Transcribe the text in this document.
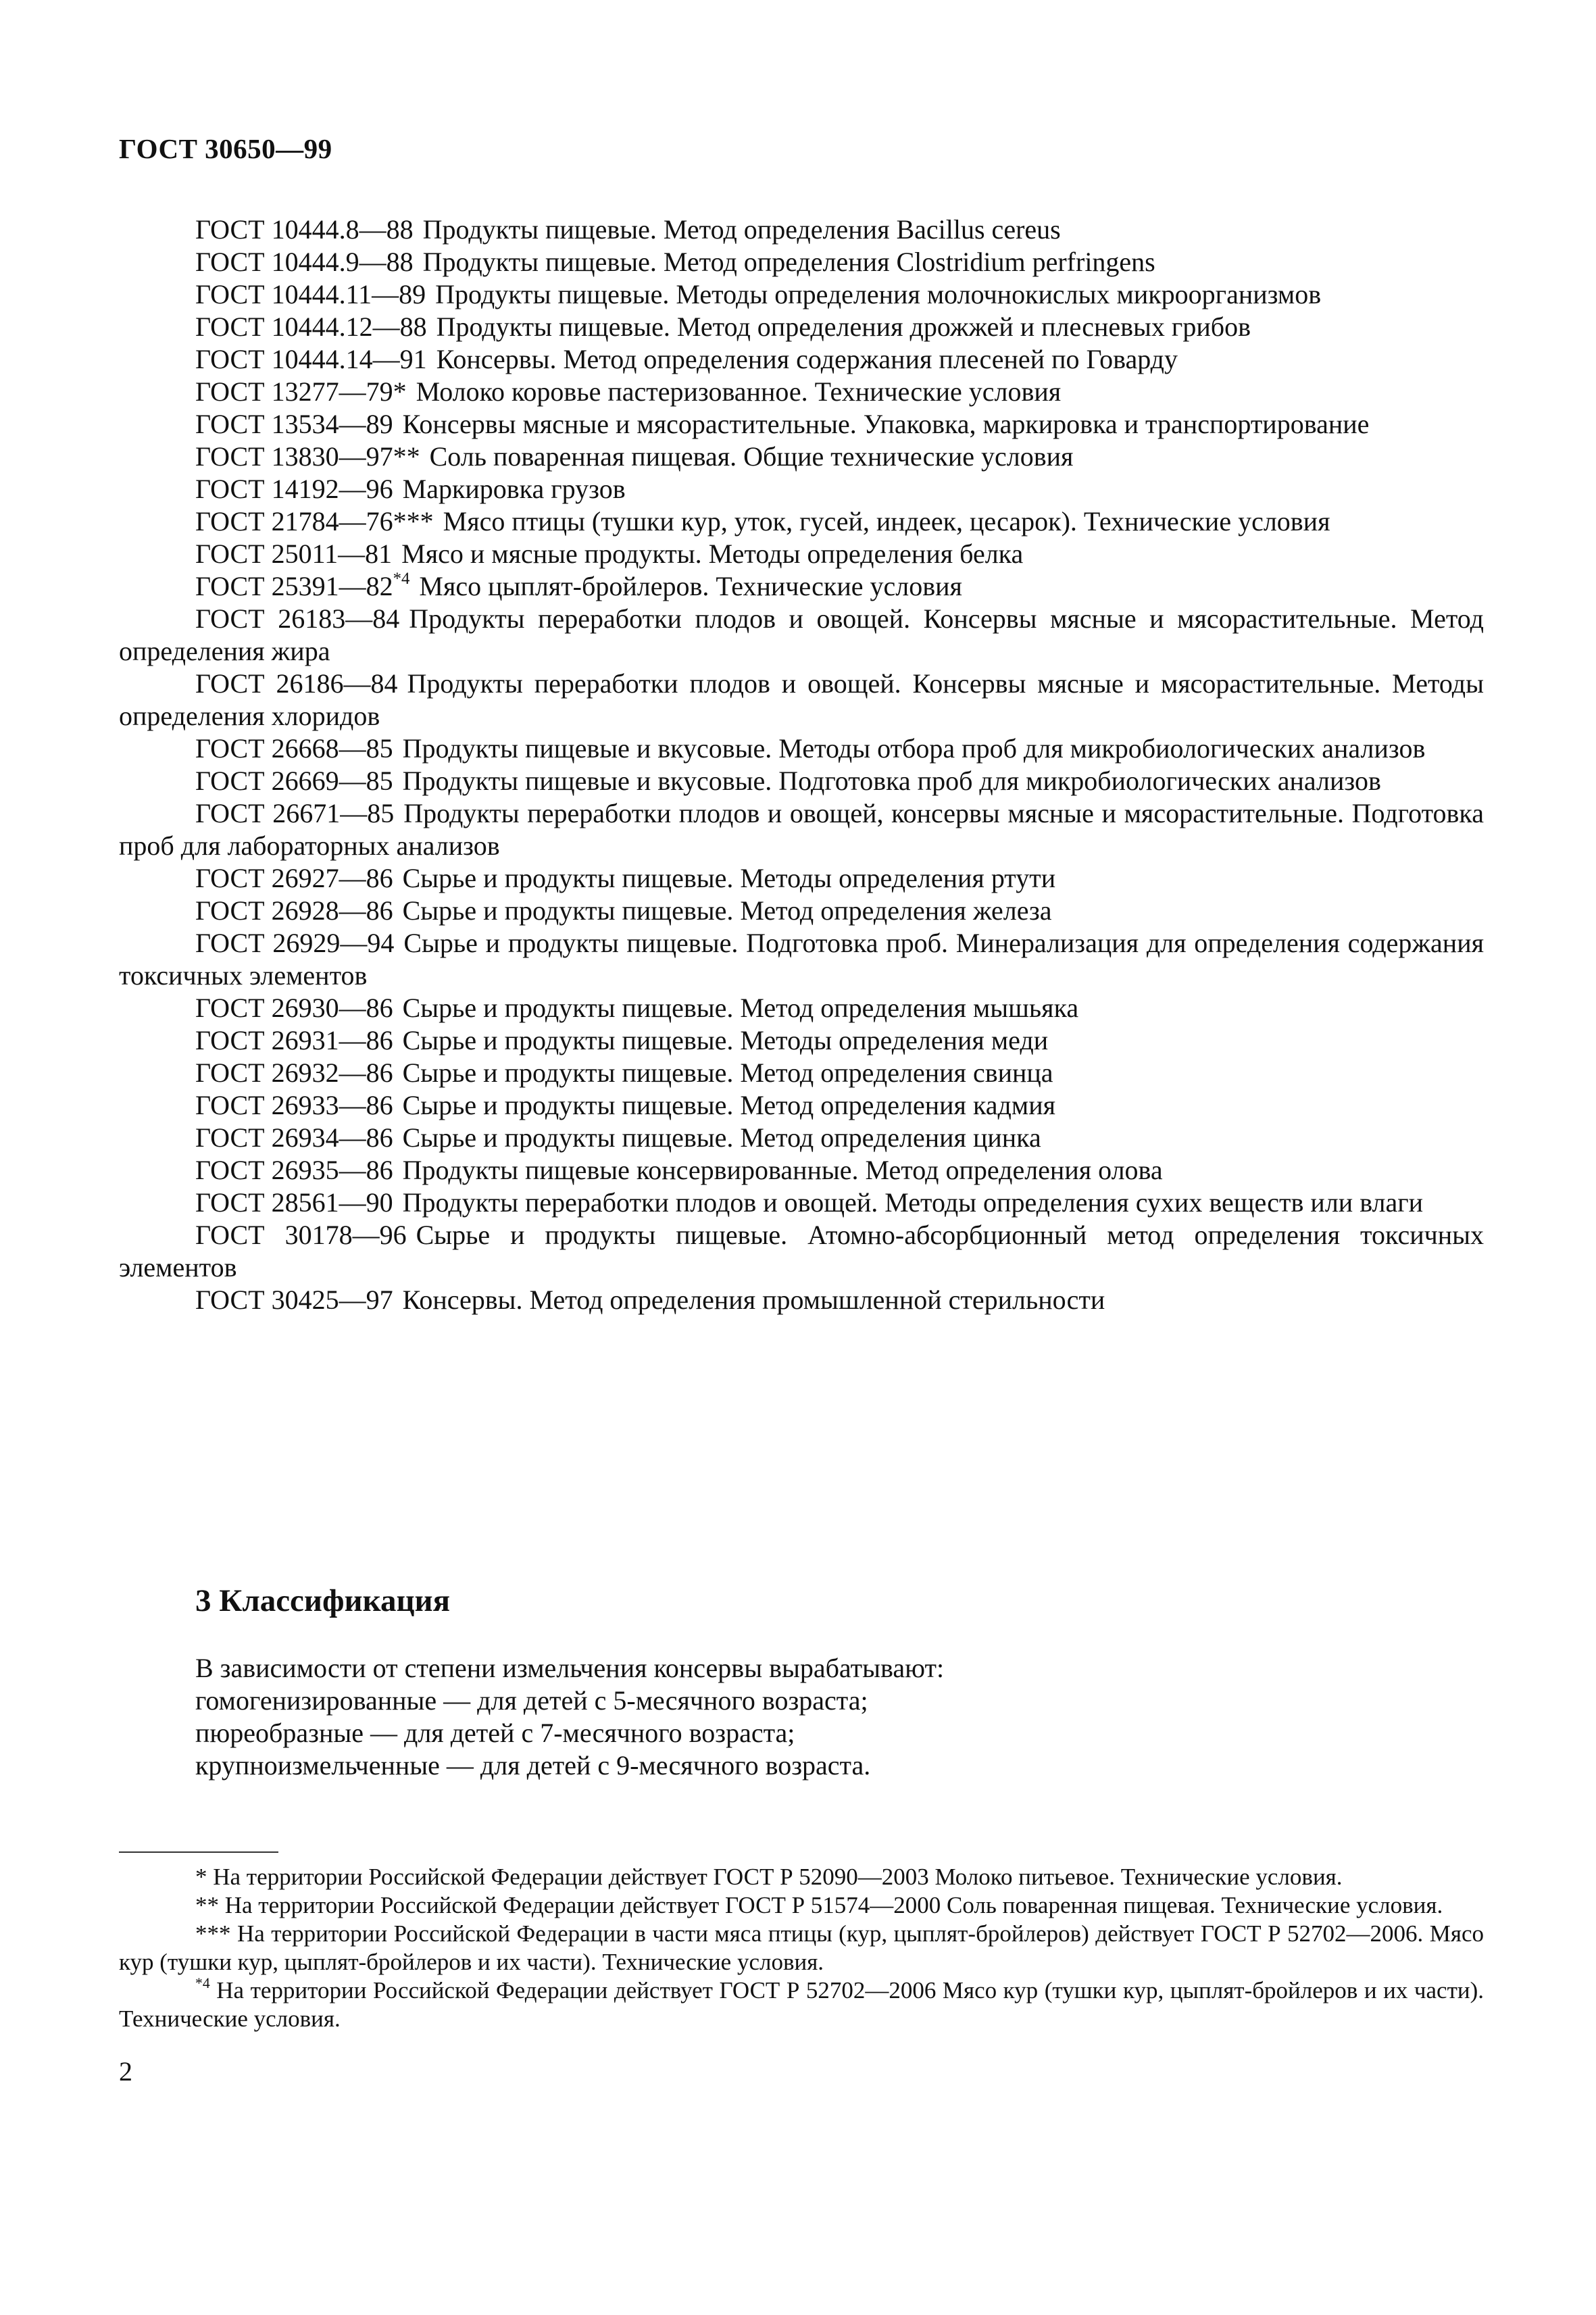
ГОСТ 30650—99

ГОСТ 10444.8—88 Продукты пищевые. Метод определения Bacillus cereus

ГОСТ 10444.9—88 Продукты пищевые. Метод определения Clostridium perfringens

ГОСТ 10444.11—89 Продукты пищевые. Методы определения молочнокислых микроорганизмов

ГОСТ 10444.12—88 Продукты пищевые. Метод определения дрожжей и плесневых грибов

ГОСТ 10444.14—91 Консервы. Метод определения содержания плесеней по Говарду

ГОСТ 13277—79* Молоко коровье пастеризованное. Технические условия

ГОСТ 13534—89 Консервы мясные и мясорастительные. Упаковка, маркировка и транспортирование

ГОСТ 13830—97** Соль поваренная пищевая. Общие технические условия

ГОСТ 14192—96 Маркировка грузов

ГОСТ 21784—76*** Мясо птицы (тушки кур, уток, гусей, индеек, цесарок). Технические условия

ГОСТ 25011—81 Мясо и мясные продукты. Методы определения белка

ГОСТ 25391—82$^{*4}$ Мясо цыплят-бройлеров. Технические условия

ГОСТ 26183—84 Продукты переработки плодов и овощей. Консервы мясные и мясорастительные. Метод определения жира

ГОСТ 26186—84 Продукты переработки плодов и овощей. Консервы мясные и мясорастительные. Методы определения хлоридов

ГОСТ 26668—85 Продукты пищевые и вкусовые. Методы отбора проб для микробиологических анализов

ГОСТ 26669—85 Продукты пищевые и вкусовые. Подготовка проб для микробиологических анализов

ГОСТ 26671—85 Продукты переработки плодов и овощей, консервы мясные и мясорастительные. Подготовка проб для лабораторных анализов

ГОСТ 26927—86 Сырье и продукты пищевые. Методы определения ртути

ГОСТ 26928—86 Сырье и продукты пищевые. Метод определения железа

ГОСТ 26929—94 Сырье и продукты пищевые. Подготовка проб. Минерализация для определения содержания токсичных элементов

ГОСТ 26930—86 Сырье и продукты пищевые. Метод определения мышьяка

ГОСТ 26931—86 Сырье и продукты пищевые. Методы определения меди

ГОСТ 26932—86 Сырье и продукты пищевые. Метод определения свинца

ГОСТ 26933—86 Сырье и продукты пищевые. Метод определения кадмия

ГОСТ 26934—86 Сырье и продукты пищевые. Метод определения цинка

ГОСТ 26935—86 Продукты пищевые консервированные. Метод определения олова

ГОСТ 28561—90 Продукты переработки плодов и овощей. Методы определения сухих веществ или влаги

ГОСТ 30178—96 Сырье и продукты пищевые. Атомно-абсорбционный метод определения токсичных элементов

ГОСТ 30425—97 Консервы. Метод определения промышленной стерильности

3 Классификация

В зависимости от степени измельчения консервы вырабатывают:

гомогенизированные — для детей с 5-месячного возраста;

пюреобразные — для детей с 7-месячного возраста;

крупноизмельченные — для детей с 9-месячного возраста.

* На территории Российской Федерации действует ГОСТ Р 52090—2003 Молоко питьевое. Технические условия.

** На территории Российской Федерации действует ГОСТ Р 51574—2000 Соль поваренная пищевая. Технические условия.

*** На территории Российской Федерации в части мяса птицы (кур, цыплят-бройлеров) действует ГОСТ Р 52702—2006. Мясо кур (тушки кур, цыплят-бройлеров и их части). Технические условия.

$^{*4}$ На территории Российской Федерации действует ГОСТ Р 52702—2006 Мясо кур (тушки кур, цыплят-бройлеров и их части). Технические условия.

2
